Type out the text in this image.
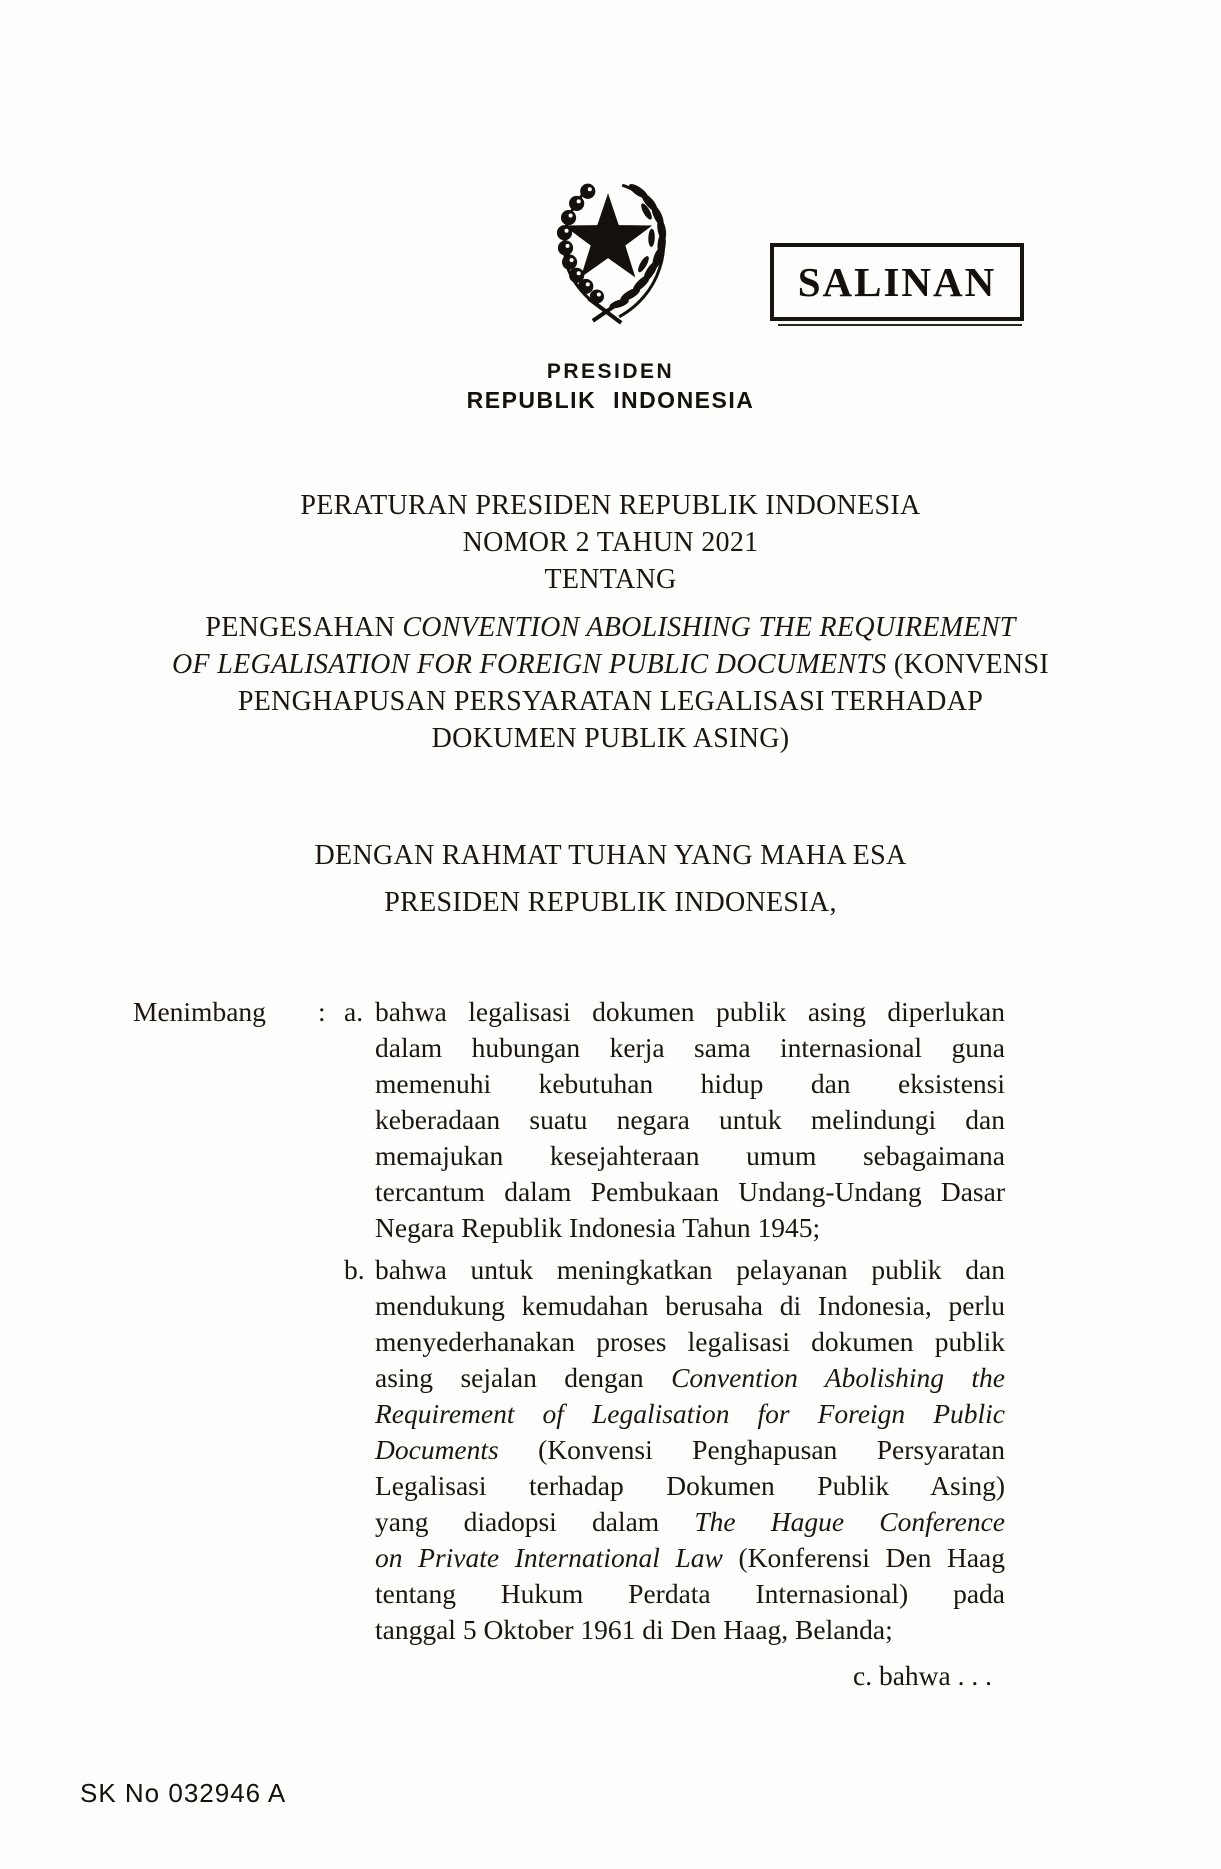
SALINAN
PRESIDEN
REPUBLIK INDONESIA
PERATURAN PRESIDEN REPUBLIK INDONESIA
NOMOR 2 TAHUN 2021
TENTANG
PENGESAHAN CONVENTION ABOLISHING THE REQUIREMENT
OF LEGALISATION FOR FOREIGN PUBLIC DOCUMENTS (KONVENSI
PENGHAPUSAN PERSYARATAN LEGALISASI TERHADAP
DOKUMEN PUBLIK ASING)
DENGAN RAHMAT TUHAN YANG MAHA ESA
PRESIDEN REPUBLIK INDONESIA,
Menimbang	: a. bahwa legalisasi dokumen publik asing diperlukan
dalam hubungan kerja sama internasional guna
memenuhi kebutuhan hidup dan eksistensi
keberadaan suatu negara untuk melindungi dan
memajukan kesejahteraan umum sebagaimana
tercantum dalam Pembukaan Undang-Undang Dasar
Negara Republik Indonesia Tahun 1945;
b. bahwa untuk meningkatkan pelayanan publik dan
mendukung kemudahan berusaha di Indonesia, perlu
menyederhanakan proses legalisasi dokumen publik
asing sejalan dengan Convention Abolishing the
Requirement of Legalisation for Foreign Public
Documents (Konvensi Penghapusan Persyaratan
Legalisasi terhadap Dokumen Publik Asing)
yang diadopsi dalam The Hague Conference
on Private International Law (Konferensi Den Haag
tentang Hukum Perdata Internasional) pada
tanggal 5 Oktober 1961 di Den Haag, Belanda;
c. bahwa . . .
SK No 032946 A
